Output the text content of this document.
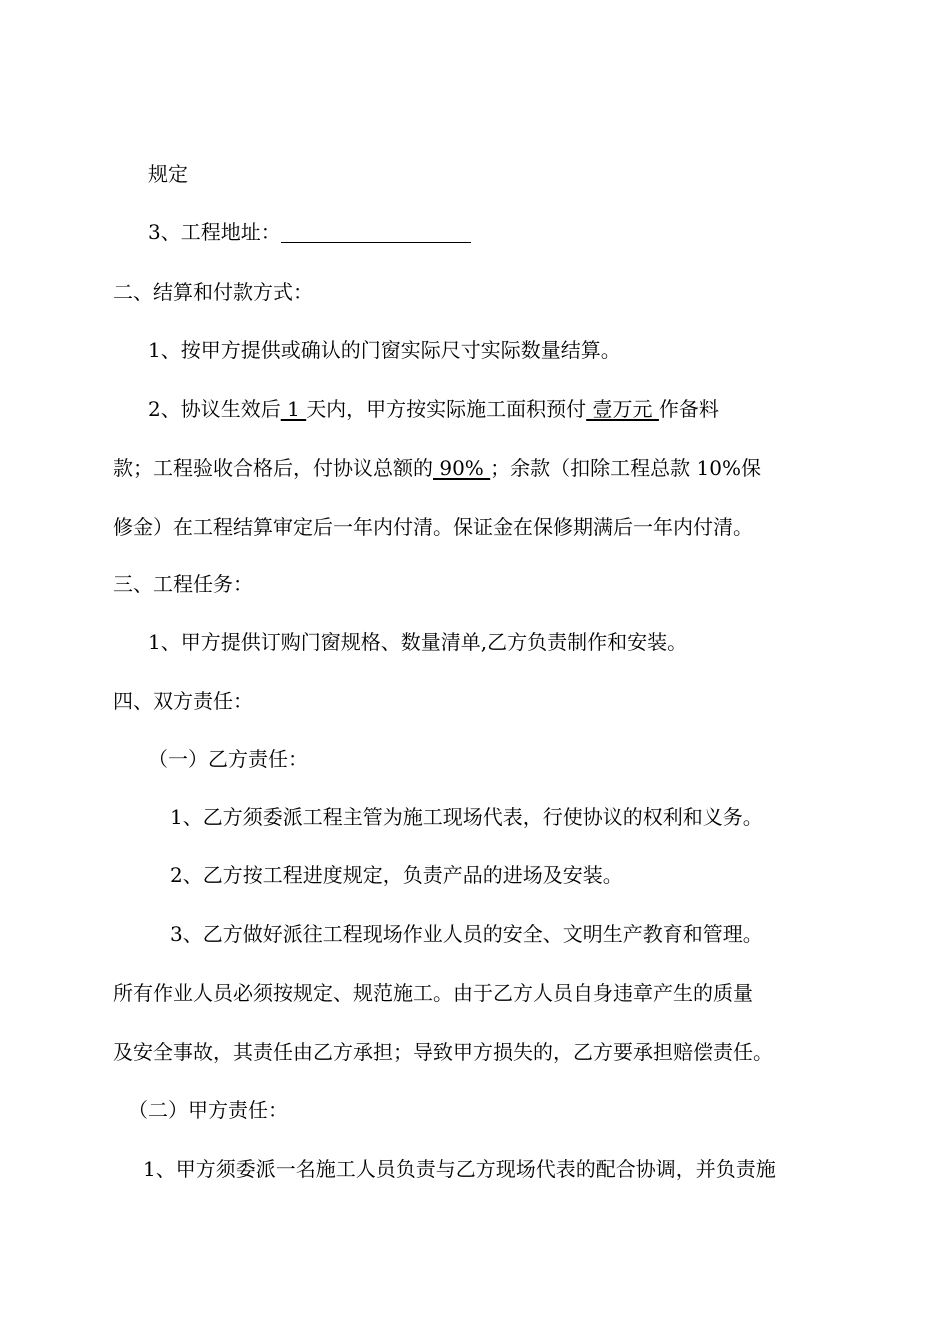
规定
3、工程地址：
二、结算和付款方式：
1、按甲方提供或确认的门窗实际尺寸实际数量结算。
2、协议生效后 1 天内，甲方按实际施工面积预付 壹万元 作备料
款；工程验收合格后，付协议总额的 90% ；余款（扣除工程总款 10%保
修金）在工程结算审定后一年内付清。保证金在保修期满后一年内付清。
三、工程任务：
1、甲方提供订购门窗规格、数量清单,乙方负责制作和安装。
四、双方责任：
（一）乙方责任：
1、乙方须委派工程主管为施工现场代表，行使协议的权利和义务。
2、乙方按工程进度规定，负责产品的进场及安装。
3、乙方做好派往工程现场作业人员的安全、文明生产教育和管理。
所有作业人员必须按规定、规范施工。由于乙方人员自身违章产生的质量
及安全事故，其责任由乙方承担；导致甲方损失的，乙方要承担赔偿责任。
（二）甲方责任：
1、甲方须委派一名施工人员负责与乙方现场代表的配合协调，并负责施
